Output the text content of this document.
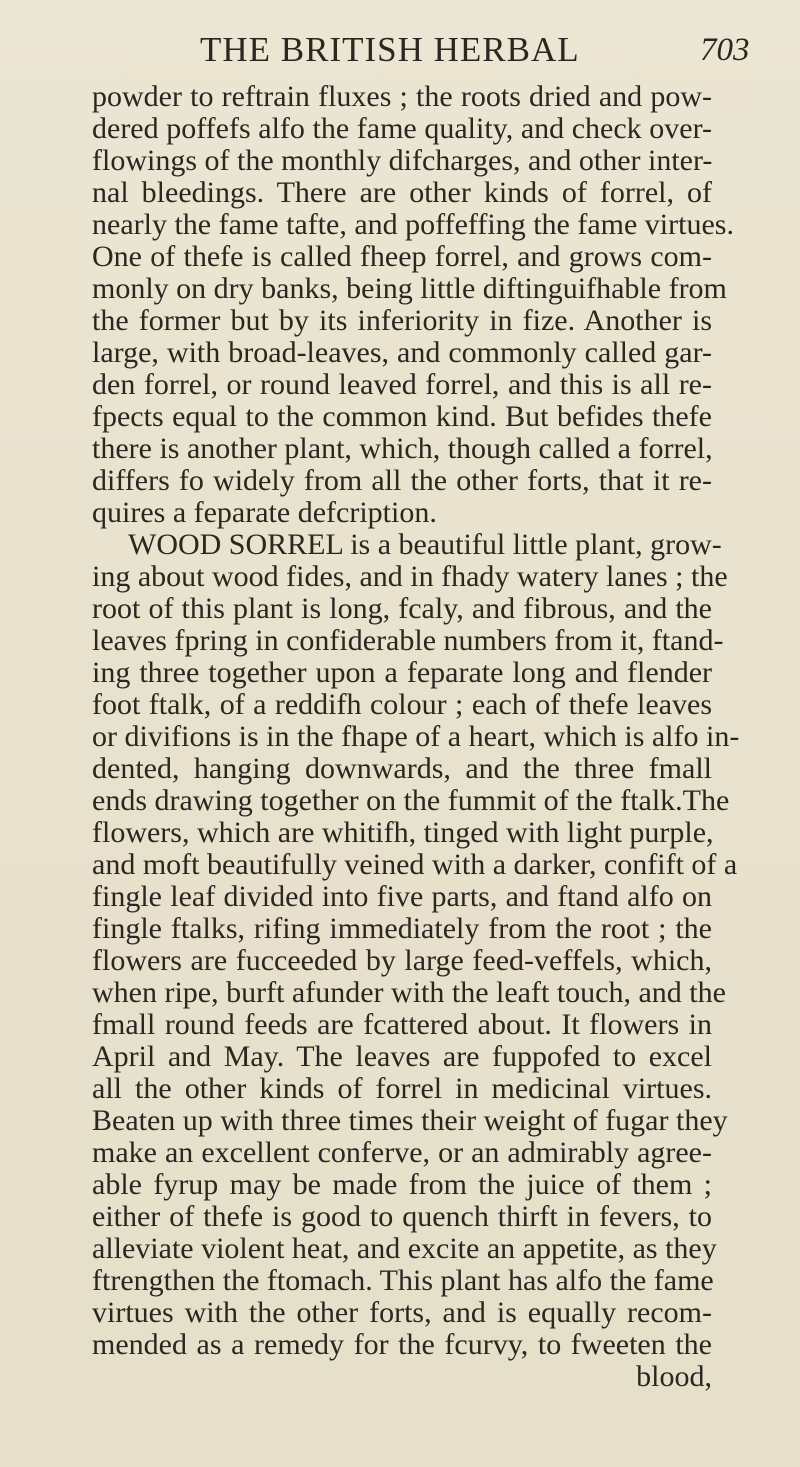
THE BRITISH HERBAL	703
powder to reftrain fluxes ; the roots dried and pow-
dered poffefs alfo the fame quality, and check over-
flowings of the monthly difcharges, and other inter-
nal bleedings. There are other kinds of forrel, of
nearly the fame tafte, and poffeffing the fame virtues.
One of thefe is called fheep forrel, and grows com-
monly on dry banks, being little diftinguifhable from
the former but by its inferiority in fize. Another is
large, with broad-leaves, and commonly called gar-
den forrel, or round leaved forrel, and this is all re-
fpects equal to the common kind. But befides thefe
there is another plant, which, though called a forrel,
differs fo widely from all the other forts, that it re-
quires a feparate defcription.
WOOD SORREL is a beautiful little plant, grow-
ing about wood fides, and in fhady watery lanes ; the
root of this plant is long, fcaly, and fibrous, and the
leaves fpring in confiderable numbers from it, ftand-
ing three together upon a feparate long and flender
foot ftalk, of a reddifh colour ; each of thefe leaves
or divifions is in the fhape of a heart, which is alfo in-
dented, hanging downwards, and the three fmall
ends drawing together on the fummit of the ftalk.The
flowers, which are whitifh, tinged with light purple,
and moft beautifully veined with a darker, confift of a
fingle leaf divided into five parts, and ftand alfo on
fingle ftalks, rifing immediately from the root ; the
flowers are fucceeded by large feed-veffels, which,
when ripe, burft afunder with the leaft touch, and the
fmall round feeds are fcattered about. It flowers in
April and May. The leaves are fuppofed to excel
all the other kinds of forrel in medicinal virtues.
Beaten up with three times their weight of fugar they
make an excellent conferve, or an admirably agree-
able fyrup may be made from the juice of them ;
either of thefe is good to quench thirft in fevers, to
alleviate violent heat, and excite an appetite, as they
ftrengthen the ftomach. This plant has alfo the fame
virtues with the other forts, and is equally recom-
mended as a remedy for the fcurvy, to fweeten the
blood,
